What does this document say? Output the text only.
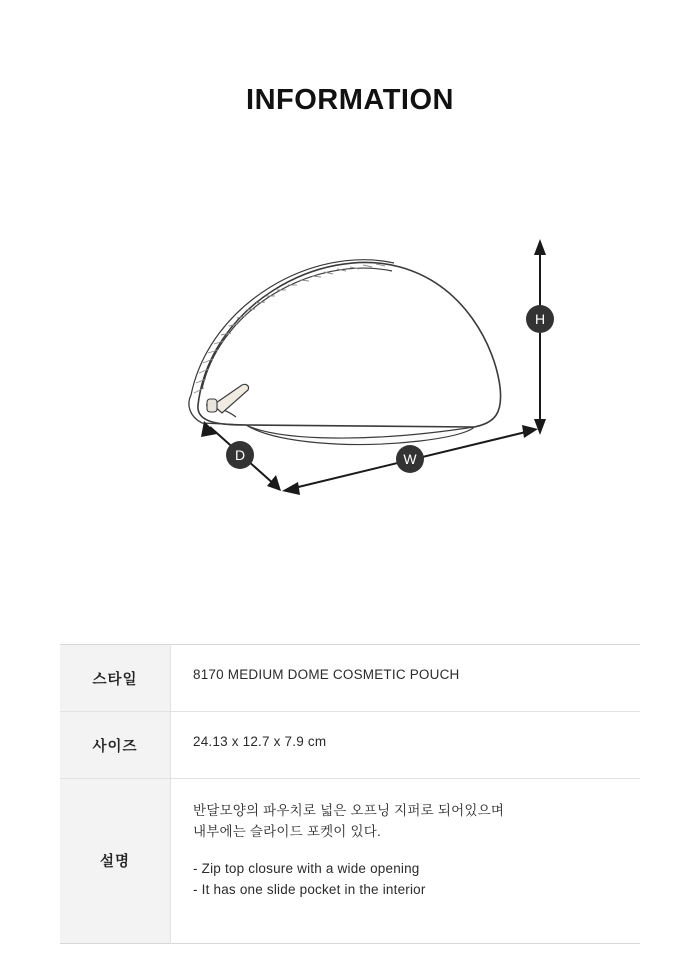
INFORMATION
H
W
D
스타일	8170 MEDIUM DOME COSMETIC POUCH
사이즈	24.13 x 12.7 x 7.9 cm
설명	반달모양의 파우치로 넓은 오프닝 지퍼로 되어있으며
내부에는 슬라이드 포켓이 있다.
- Zip top closure with a wide opening
- It has one slide pocket in the interior
